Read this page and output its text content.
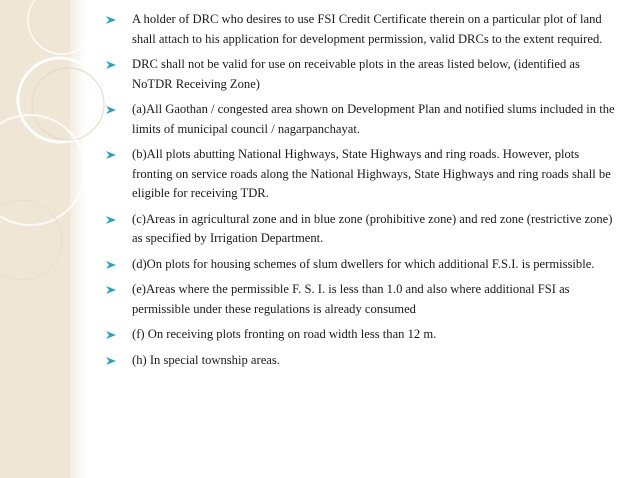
A holder of DRC who desires to use FSI Credit Certificate therein on a particular plot of land shall attach to his application for development permission, valid DRCs to the extent required.
DRC shall not be valid for use on receivable plots in the areas listed below, (identified as NoTDR Receiving Zone)
(a)All Gaothan / congested area shown on Development Plan and notified slums included in the limits of municipal council / nagarpanchayat.
(b)All plots abutting National Highways, State Highways and ring roads. However, plots fronting on service roads along the National Highways, State Highways and ring roads shall be eligible for receiving TDR.
(c)Areas in agricultural zone and in blue zone (prohibitive zone) and red zone (restrictive zone) as specified by Irrigation Department.
(d)On plots for housing schemes of slum dwellers for which additional F.S.I. is permissible.
(e)Areas where the permissible F. S. I. is less than 1.0 and also where additional FSI as permissible under these regulations is already consumed
(f) On receiving plots fronting on road width less than 12 m.
(h) In special township areas.
